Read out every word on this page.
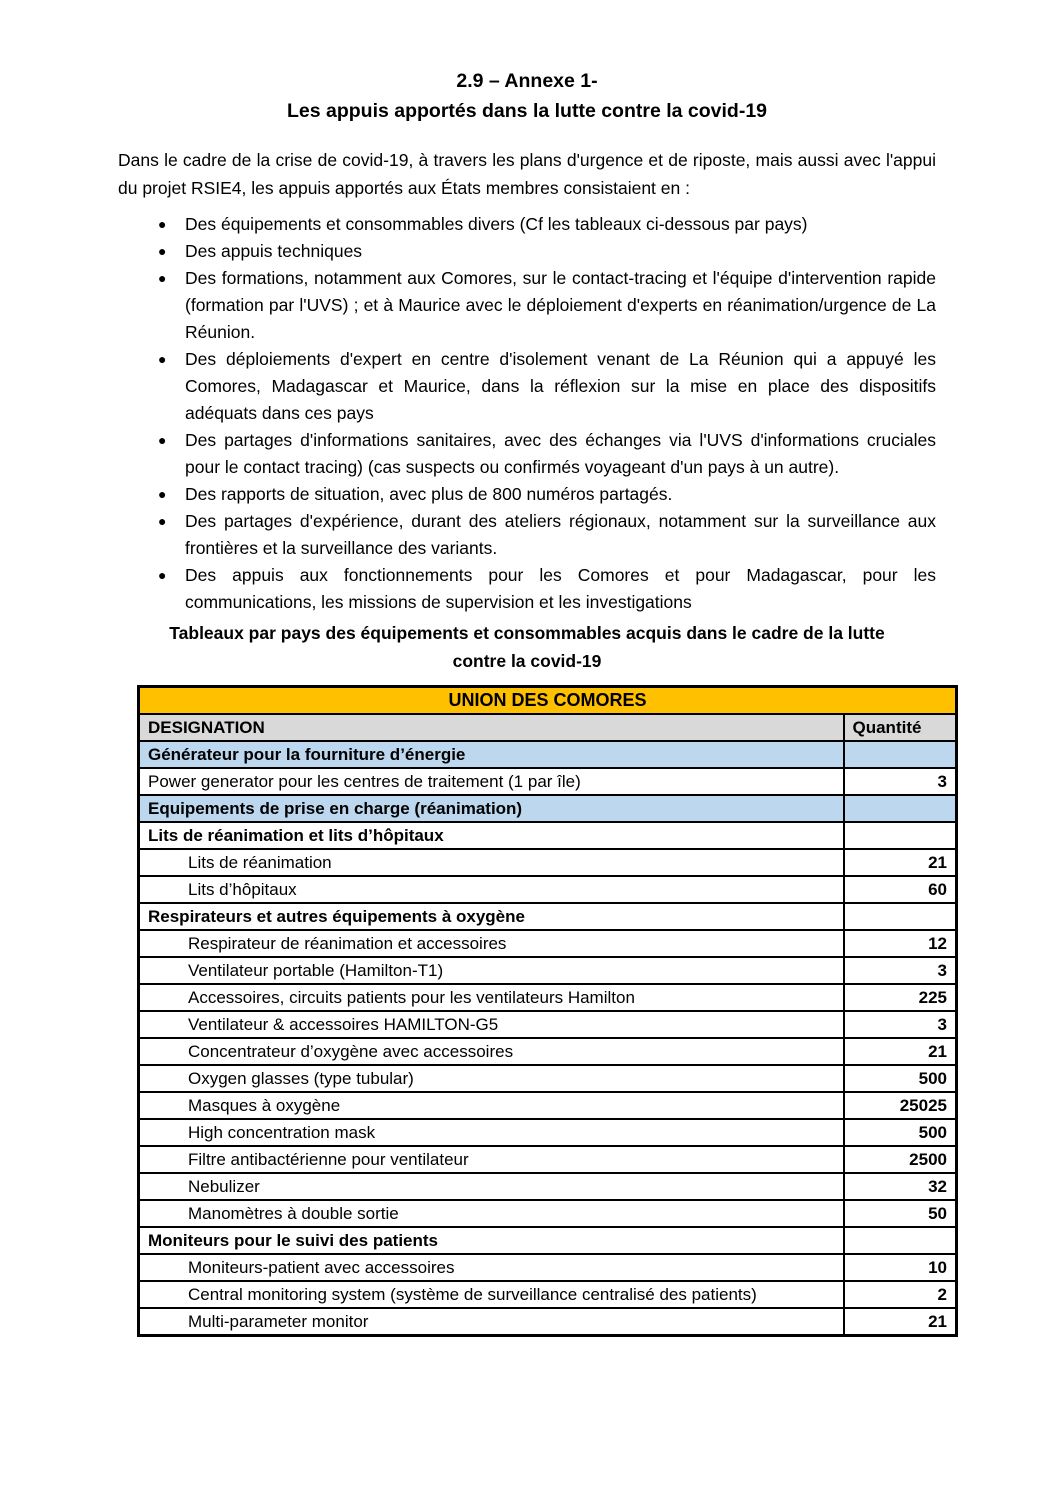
2.9 – Annexe 1-
Les appuis apportés dans la lutte contre la covid-19

Dans le cadre de la crise de covid-19, à travers les plans d'urgence et de riposte, mais aussi avec l'appui du projet RSIE4, les appuis apportés aux États membres consistaient en :

●	Des équipements et consommables divers (Cf les tableaux ci-dessous par pays)
●	Des appuis techniques
●	Des formations, notamment aux Comores, sur le contact-tracing et l'équipe d'intervention rapide (formation par l'UVS) ; et à Maurice avec le déploiement d'experts en réanimation/urgence de La Réunion.
●	Des déploiements d'expert en centre d'isolement venant de La Réunion qui a appuyé les Comores, Madagascar et Maurice, dans la réflexion sur la mise en place des dispositifs adéquats dans ces pays
●	Des partages d'informations sanitaires, avec des échanges via l'UVS d'informations cruciales pour le contact tracing) (cas suspects ou confirmés voyageant d'un pays à un autre).
●	Des rapports de situation, avec plus de 800 numéros partagés.
●	Des partages d'expérience, durant des ateliers régionaux, notamment sur la surveillance aux frontières et la surveillance des variants.
●	Des appuis aux fonctionnements pour les Comores et pour Madagascar, pour les communications, les missions de supervision et les investigations
Tableaux par pays des équipements et consommables acquis dans le cadre de la lutte
contre la covid-19
UNION DES COMORES	
DESIGNATION	Quantité
Générateur pour la fourniture d’énergie	
Power generator pour les centres de traitement (1 par île)	3
Equipements de prise en charge (réanimation)	
Lits de réanimation et lits d’hôpitaux	
Lits de réanimation	21
Lits d’hôpitaux	60
Respirateurs et autres équipements à oxygène	
Respirateur de réanimation et accessoires	12
Ventilateur portable (Hamilton-T1)	3
Accessoires, circuits patients pour les ventilateurs Hamilton	225
Ventilateur & accessoires HAMILTON-G5	3
Concentrateur d’oxygène avec accessoires	21
Oxygen glasses (type tubular)	500
Masques à oxygène	25025
High concentration mask	500
Filtre antibactérienne pour ventilateur	2500
Nebulizer	32
Manomètres à double sortie	50
Moniteurs pour le suivi des patients	
Moniteurs-patient avec accessoires	10
Central monitoring system (système de surveillance centralisé des patients)	2
Multi-parameter monitor	21
